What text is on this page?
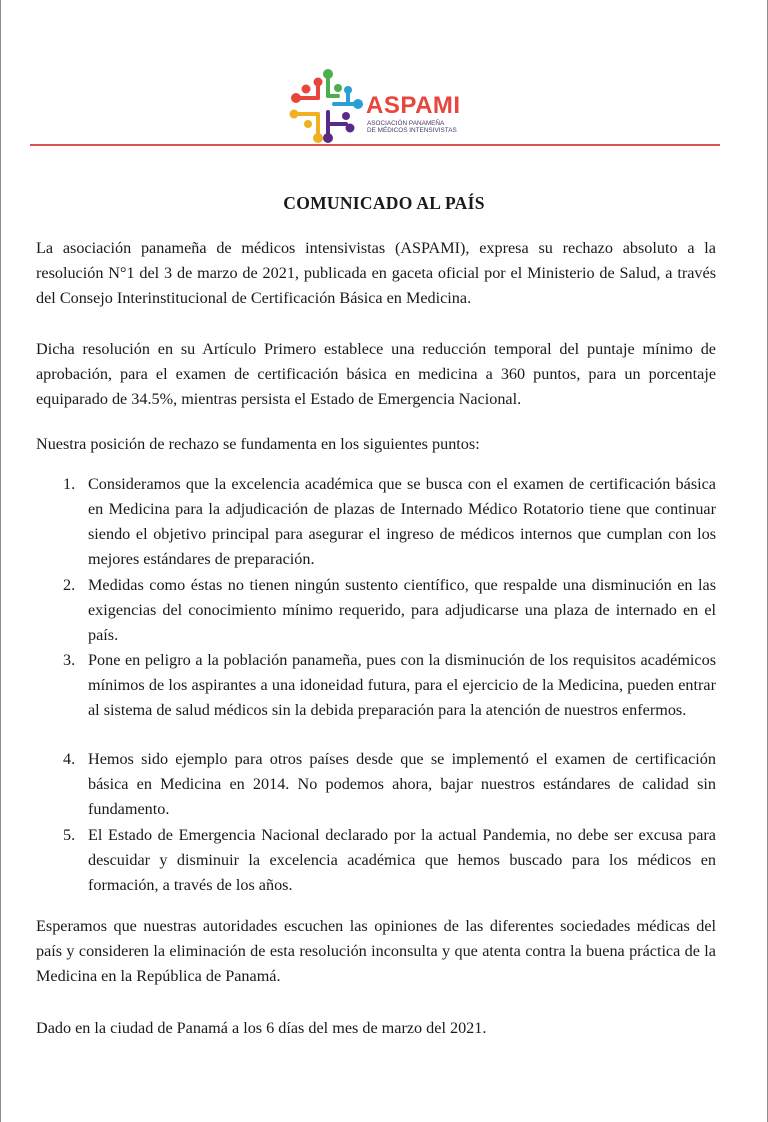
ASPAMI
ASOCIACIÓN PANAMEÑA
DE MÉDICOS INTENSIVISTAS
COMUNICADO AL PAÍS

La asociación panameña de médicos intensivistas (ASPAMI), expresa su rechazo absoluto a la resolución N°1 del 3 de marzo de 2021, publicada en gaceta oficial por el Ministerio de Salud, a través del Consejo Interinstitucional de Certificación Básica en Medicina.

Dicha resolución en su Artículo Primero establece una reducción temporal del puntaje mínimo de aprobación, para el examen de certificación básica en medicina a 360 puntos, para un porcentaje equiparado de 34.5%, mientras persista el Estado de Emergencia Nacional.

Nuestra posición de rechazo se fundamenta en los siguientes puntos:

1. Consideramos que la excelencia académica que se busca con el examen de certificación básica en Medicina para la adjudicación de plazas de Internado Médico Rotatorio tiene que continuar siendo el objetivo principal para asegurar el ingreso de médicos internos que cumplan con los mejores estándares de preparación.
2. Medidas como éstas no tienen ningún sustento científico, que respalde una disminución en las exigencias del conocimiento mínimo requerido, para adjudicarse una plaza de internado en el país.
3. Pone en peligro a la población panameña, pues con la disminución de los requisitos académicos mínimos de los aspirantes a una idoneidad futura, para el ejercicio de la Medicina, pueden entrar al sistema de salud médicos sin la debida preparación para la atención de nuestros enfermos.
4. Hemos sido ejemplo para otros países desde que se implementó el examen de certificación básica en Medicina en 2014. No podemos ahora, bajar nuestros estándares de calidad sin fundamento.
5. El Estado de Emergencia Nacional declarado por la actual Pandemia, no debe ser excusa para descuidar y disminuir la excelencia académica que hemos buscado para los médicos en formación, a través de los años.

Esperamos que nuestras autoridades escuchen las opiniones de las diferentes sociedades médicas del país y consideren la eliminación de esta resolución inconsulta y que atenta contra la buena práctica de la Medicina en la República de Panamá.

Dado en la ciudad de Panamá a los 6 días del mes de marzo del 2021.
